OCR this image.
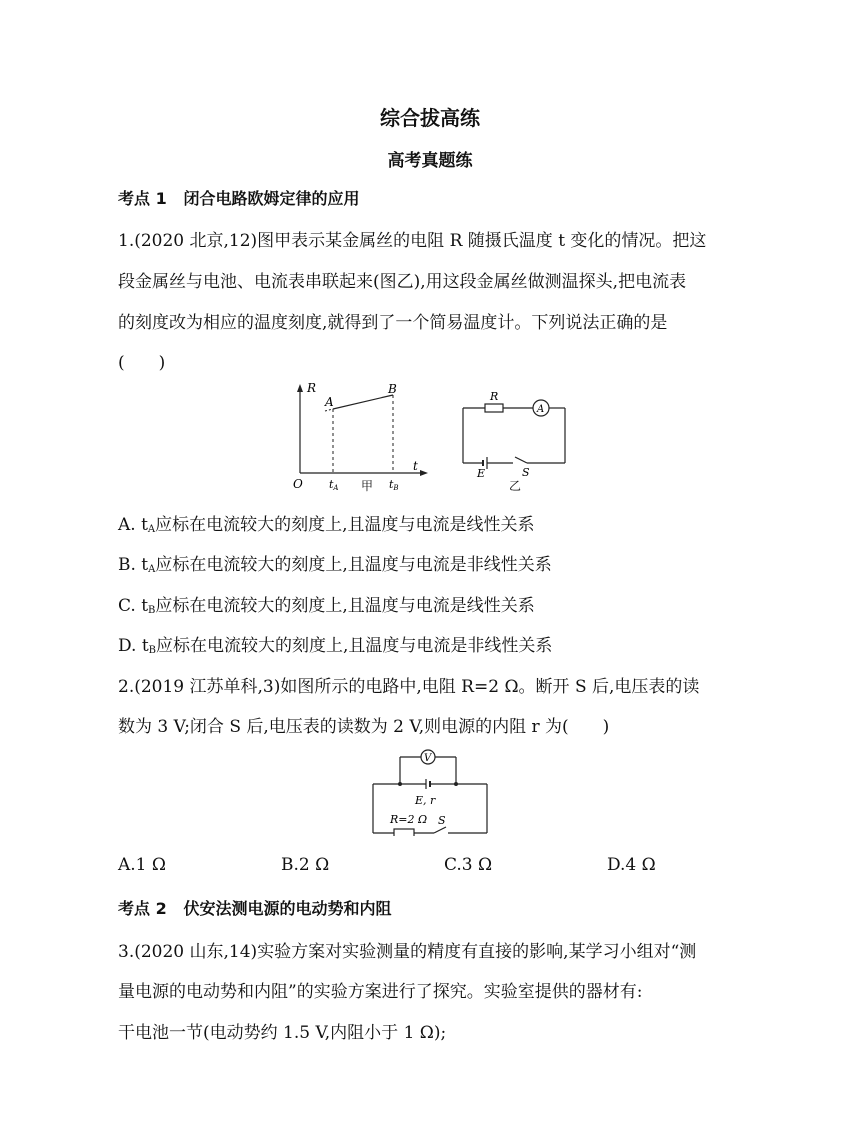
综合拔高练
高考真题练
考点 1 闭合电路欧姆定律的应用
1.(2020 北京,12)图甲表示某金属丝的电阻 R 随摄氏温度 t 变化的情况。把这
段金属丝与电池、电流表串联起来(图乙),用这段金属丝做测温探头,把电流表
的刻度改为相应的温度刻度,就得到了一个简易温度计。下列说法正确的是
(　　)
R
t
O
A
B
tA	tB
甲
R
A
E	S
乙
A. $t_A$应标在电流较大的刻度上,且温度与电流是线性关系
B. $t_A$应标在电流较大的刻度上,且温度与电流是非线性关系
C. $t_B$应标在电流较大的刻度上,且温度与电流是线性关系
D. $t_B$应标在电流较大的刻度上,且温度与电流是非线性关系
2.(2019 江苏单科,3)如图所示的电路中,电阻 R=2 Ω。断开 S 后,电压表的读
数为 3 V;闭合 S 后,电压表的读数为 2 V,则电源的内阻 r 为(　　)
V
E, r
R=2 Ω S
A.1 Ω	B.2 Ω	C.3 Ω	D.4 Ω
考点 2 伏安法测电源的电动势和内阻
3.(2020 山东,14)实验方案对实验测量的精度有直接的影响,某学习小组对“测
量电源的电动势和内阻”的实验方案进行了探究。实验室提供的器材有:
干电池一节(电动势约 1.5 V,内阻小于 1 Ω);
